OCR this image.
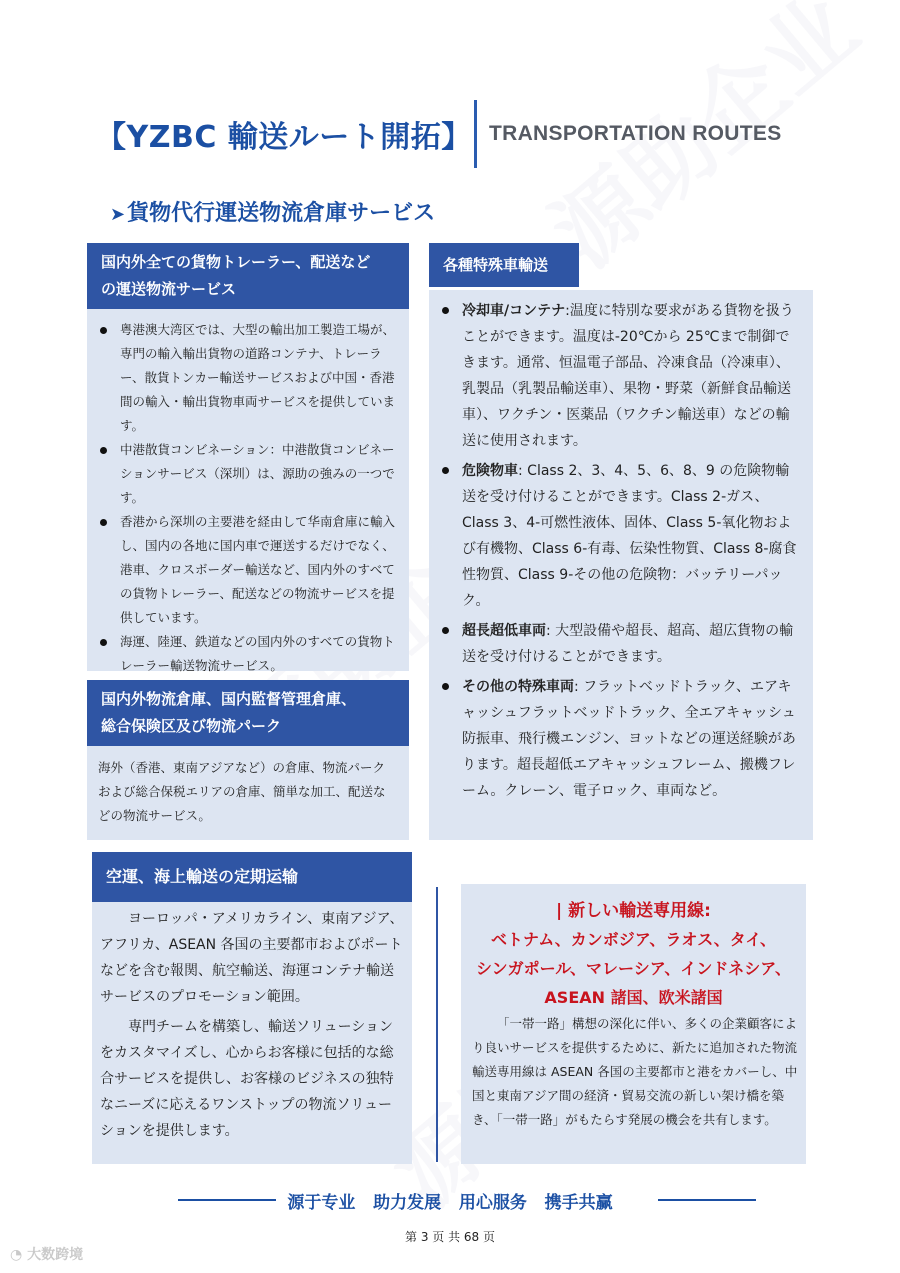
【YZBC 輸送ルート開拓】 TRANSPORTATION ROUTES
➤貨物代行運送物流倉庫サービス
国内外全ての貨物トレーラー、配送など
の運送物流サービス
粤港澳大湾区では、大型の輸出加工製造工場が、専門の輸入輸出貨物の道路コンテナ、トレーラー、散貨トンカー輸送サービスおよび中国・香港間の輸入・輸出貨物車両サービスを提供しています。
中港散貨コンビネーション：中港散貨コンビネーションサービス（深圳）は、源助の強みの一つです。
香港から深圳の主要港を経由して华南倉庫に輸入し、国内の各地に国内車で運送するだけでなく、港車、クロスボーダー輸送など、国内外のすべての貨物トレーラー、配送などの物流サービスを提供しています。
海運、陸運、鉄道などの国内外のすべての貨物トレーラー輸送物流サービス。
国内外物流倉庫、国内監督管理倉庫、
総合保険区及び物流パーク
海外（香港、東南アジアなど）の倉庫、物流パークおよび総合保税エリアの倉庫、簡単な加工、配送などの物流サービス。
各種特殊車輸送
冷却車/コンテナ:温度に特別な要求がある貨物を扱うことができます。温度は-20℃から 25℃まで制御できます。通常、恒温電子部品、冷凍食品（冷凍車）、乳製品（乳製品輸送車）、果物・野菜（新鮮食品輸送車）、ワクチン・医薬品（ワクチン輸送車）などの輸送に使用されます。
危険物車: Class 2、3、4、5、6、8、9 の危険物輸送を受け付けることができます。Class 2-ガス、Class 3、4-可燃性液体、固体、Class 5-氧化物および有機物、Class 6-有毒、伝染性物質、Class 8-腐食性物質、Class 9-その他の危険物：バッテリーパック。
超長超低車両: 大型設備や超長、超高、超広貨物の輸送を受け付けることができます。
その他の特殊車両: フラットベッドトラック、エアキャッシュフラットベッドトラック、全エアキャッシュ防振車、飛行機エンジン、ヨットなどの運送経験があります。超長超低エアキャッシュフレーム、搬機フレーム。クレーン、電子ロック、車両など。
空運、海上輸送の定期运输
ヨーロッパ・アメリカライン、東南アジア、アフリカ、ASEAN 各国の主要都市およびポートなどを含む報関、航空輸送、海運コンテナ輸送サービスのプロモーション範囲。
専門チームを構築し、輸送ソリューションをカスタマイズし、心からお客様に包括的な総合サービスを提供し、お客様のビジネスの独特なニーズに応えるワンストップの物流ソリューションを提供します。
| 新しい輸送専用線:
ベトナム、カンボジア、ラオス、タイ、
シンガポール、マレーシア、インドネシア、
ASEAN 諸国、欧米諸国
「一帯一路」構想の深化に伴い、多くの企業顧客により良いサービスを提供するために、新たに追加された物流輸送専用線は ASEAN 各国の主要都市と港をカバーし、中国と東南アジア間の経済・貿易交流の新しい架け橋を築き、「一帯一路」がもたらす発展の機会を共有します。
源于专业   助力发展   用心服务   携手共赢
第 3 页 共 68 页
◔ 大数跨境
